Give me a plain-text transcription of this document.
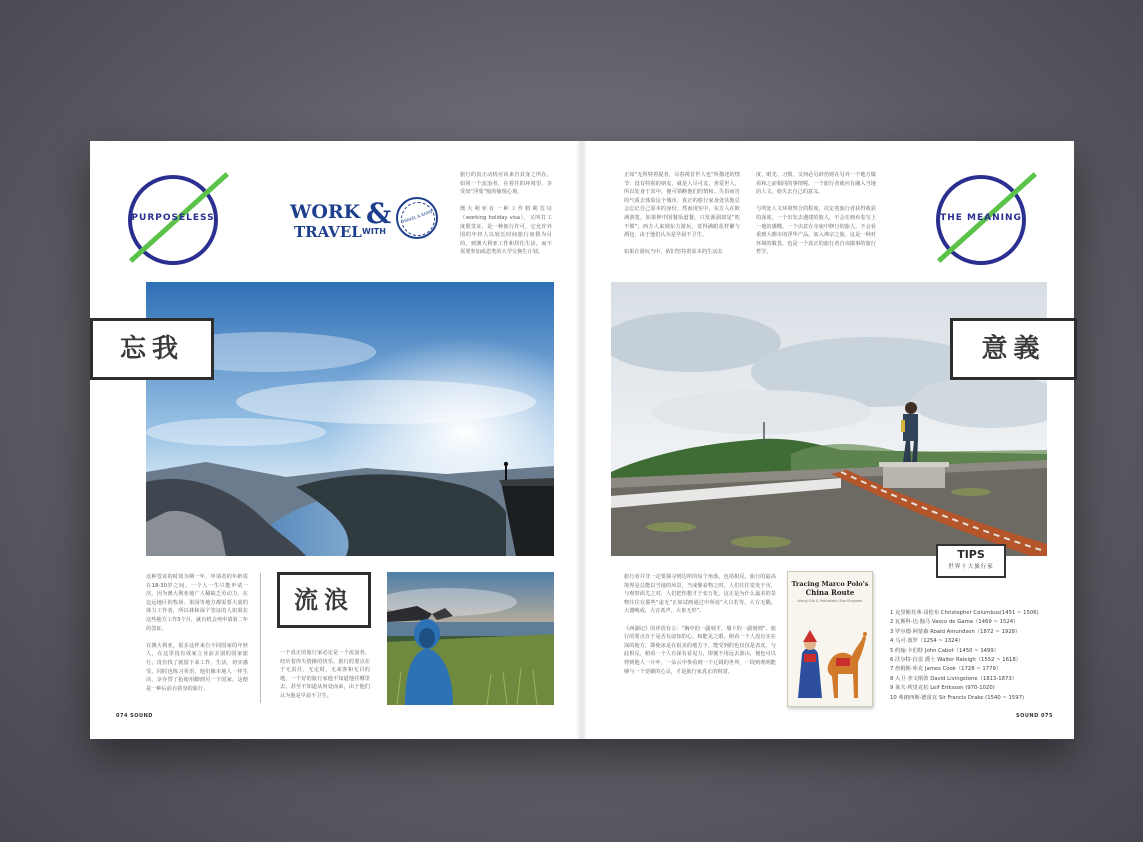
PURPOSELESS	WORK &
TRAVEL WITH
TRAVEL & EARN
旅行的真正动机应该来自其身之所在，如同一个流浪者，在着往的环境里，享受如“浮茄”般的偷悦心境。

澳大利亚有一种工作假期签证（working holiday visa），又叫打工度假签证，是一种旅行许可，它允许外国的年轻人以较长时间旅行度假为目的，到澳大利亚工作和居住生活，而不需要参加或恩类的大学交换生计划。
忘我
这种签证的时效为期一年，申请者的年龄需在18-30岁之间。一个人一生只能申请一次，因为澳大利亚地广人稀缺乏劳动力，在边远地区的牧场、果园等地方都需要大量的体力工作者，所以林和深个签证的人如果在这些地方工作3个月，就有机会再申请第二年的签证。

在澳大利亚，很多这样来自不同国家的年轻人，在这里没有成家立业前去别的国家旅行，没有找了就留下来工作，生活，切实感受，同时也练习英语，他们像本地人一样生活，享存替了抢使用脚到另一个国家，这便是一种后前自我身的旅行。
流浪
一个真正的旅行家必定是一个流浪者，经历着得失情操的快乐。旅行的要点在于无责任，无定时，无来客和无目的地，一个好的旅行家他不知道他往哪里去，甚至不知道从何处而来，由于他们认为他是早晨不卫生。
074 SOUND
正如“无所特着提者，尽春视首世人也”所描述的情节：没有特别的朋友，就是人尽可友，喜爱世人，所以处身于其中，便可领略他们的情和。失俗而自的气质去体验这个城市，真正的旅行家身处其他总会忘记自己原本的身份。然而现实中，东方人在欧洲游览，如果钟中国餐饭道餐，只发源洞却是“吃不惯”；西方人来到东方游玩，觉得满眼花样繁与酒包，由于他们认为是早晨不卫生。

如果在游玩当中，依旧坚持着原本的生活态
度、眼光、习惯，又何必另辟伤财在另外一个地方做看和之前相同的事情呢。一个旅行者就应有融入当地的人文，使失去自己的意义。

与所处人文环境契合的程度，决定着旅行者获得收获的深度。一个出发去遇建的旅人，不会在画布卷写上一地的感慨。一个决意在寺庙中修行的旅人，不会看重到大都市的浮华产品，加入禅宗之旅。这是一种对环境的敬畏，也是一个真正的旅行者自该做事的旅行哲学。
THE MEANING
意義
TIPS
世界十大旅行家
旅行者并非一定要探寻到达所的每个角落，包括相反，旅行的最高境界是总能以当地的风景，当成像看物之时，人们往往觉发于市，与观察面尤之对，人们把你想才于变万化，这正是为什么最美的景物往往在那些“虚无”正如试画通过中所说“大白若等，大方无隅，大器晚成，大音希声，大象无形”。

《西湖记》的评语有言：“胸中的一副刻才，墙下的一副刻则”。旅行的要点在于是否有前知的心，和能见之眼。俯看一个人没有实在深的地方，即使冰是在很美的地方下，能受到的也仅仅是表皮。与此相反，俯看一个人有深有看见力，即便不用远去游山，便也可以得到他人一片叶，一朵云中参看到一个辽阔的世界，一段则观明能够与一个觉刷的心灵，才是旅行家真正的财富。
Tracing Marco Polo's
China Route
Along Silk & Prehistoric Sea Kingdom
1 克里斯托弗·哥伦布 Christopher Columbus(1451 ~ 1506)
2 瓦斯科·达·伽马 Vasco de Gama（1469 ~ 1524）
3 罗尔德·阿蒙森 Roald Amundsen（1872 ~ 1928）
4 马可·波罗（1254 ~ 1324）
5 约翰·卡伯特 John Cabot（1450 ~ 1499）
6 沃尔特·拉雷 爵士 Walter Raleigh（1552 ~ 1618）
7 詹姆斯·库克 James Cook（1728 ~ 1779）
8 大卫·李文斯敦 David Livingstone（1813-1873）
9 莱夫·埃里克松 Leif Eriksson (970-1020)
10 弗朗西斯·德雷克 Sir Francis Drake (1540 ~ 1597)
SOUND 075
